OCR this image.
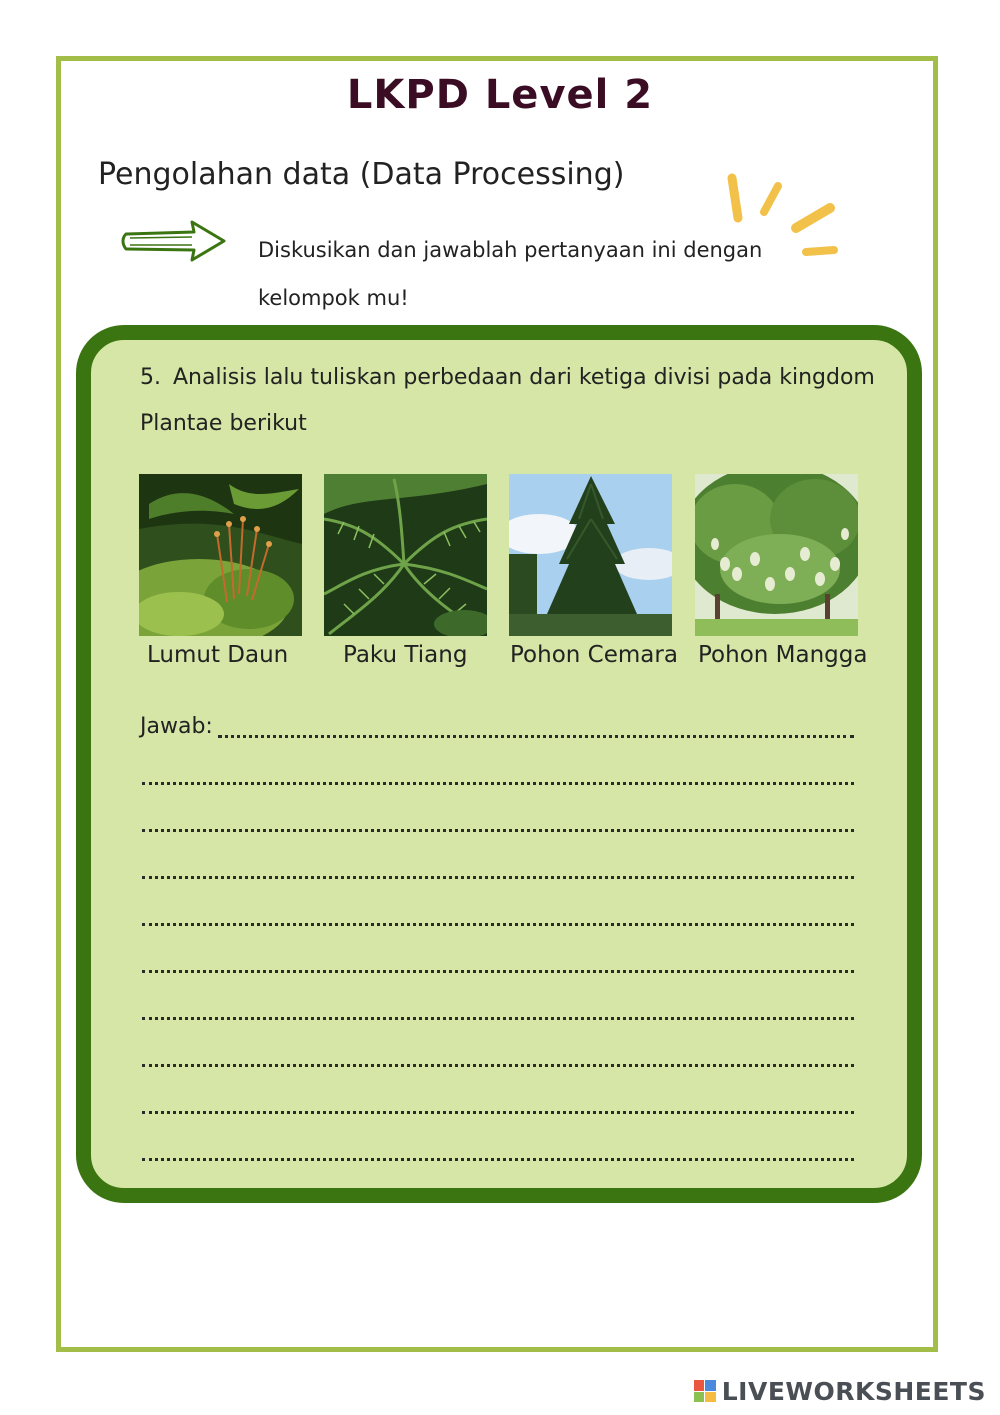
LKPD Level 2
Pengolahan data (Data Processing)
Diskusikan dan jawablah pertanyaan ini dengan kelompok mu!
5. Analisis lalu tuliskan perbedaan dari ketiga divisi pada kingdom Plantae berikut
Lumut Daun Paku Tiang Pohon Cemara Pohon Mangga
Jawab:
LIVEWORKSHEETS
